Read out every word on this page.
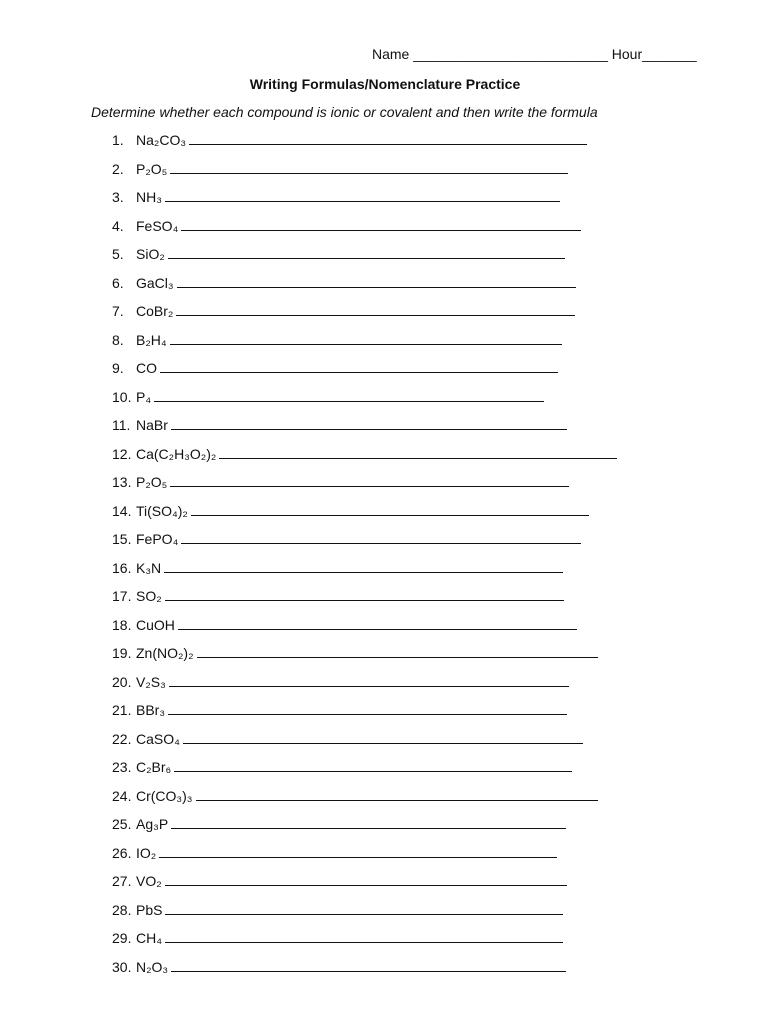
Name _________________________ Hour_______
Writing Formulas/Nomenclature Practice
Determine whether each compound is ionic or covalent and then write the formula
1. Na₂CO₃
2. P₂O₅
3. NH₃
4. FeSO₄
5. SiO₂
6. GaCl₃
7. CoBr₂
8. B₂H₄
9. CO
10. P₄
11. NaBr
12. Ca(C₂H₃O₂)₂
13. P₂O₅
14. Ti(SO₄)₂
15. FePO₄
16. K₃N
17. SO₂
18. CuOH
19. Zn(NO₂)₂
20. V₂S₃
21. BBr₃
22. CaSO₄
23. C₂Br₆
24. Cr(CO₃)₃
25. Ag₃P
26. IO₂
27. VO₂
28. PbS
29. CH₄
30. N₂O₃
